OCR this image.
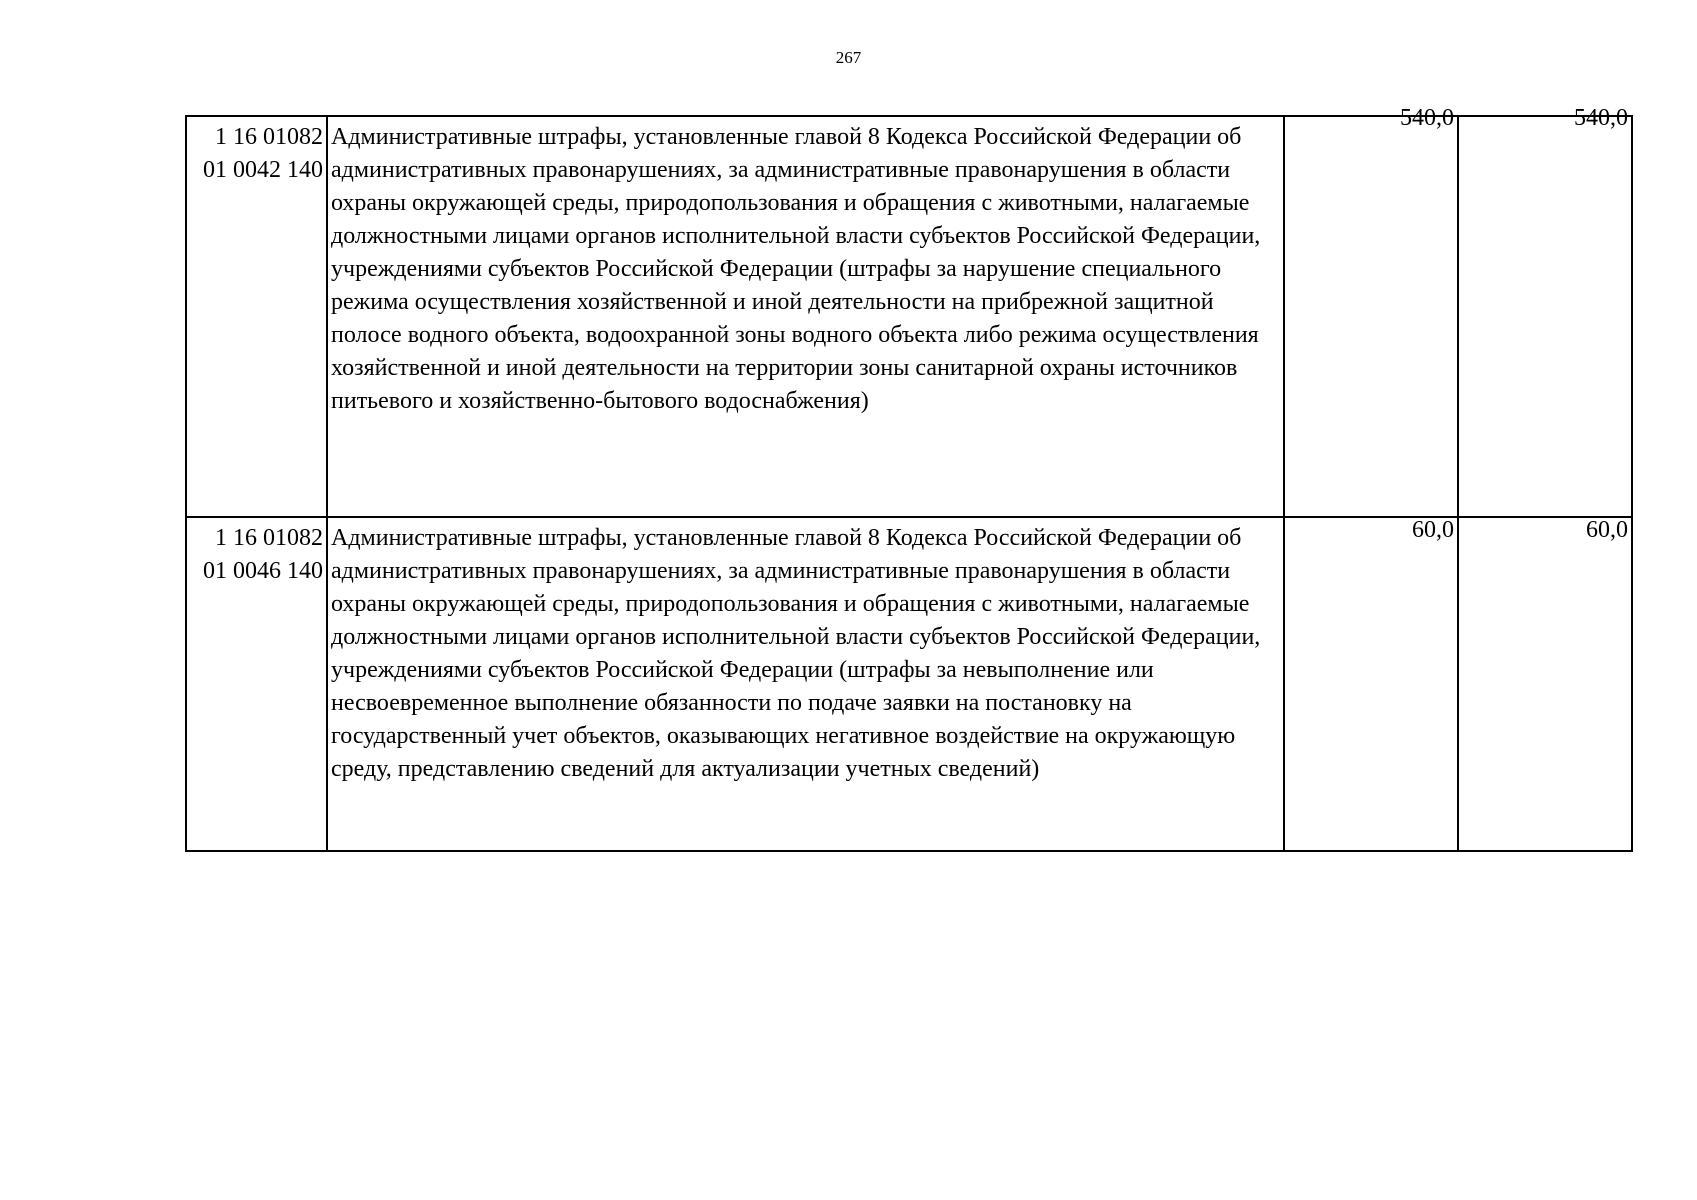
267
1 16 01082
01 0042 140	Административные штрафы, установленные главой 8 Кодекса Российской Федерации об административных правонарушениях, за административные правонарушения в области охраны окружающей среды, природопользования и обращения с животными, налагаемые должностными лицами органов исполнительной власти субъектов Российской Федерации, учреждениями субъектов Российской Федерации (штрафы за нарушение специального режима осуществления хозяйственной и иной деятельности на прибрежной защитной полосе водного объекта, водоохранной зоны водного объекта либо режима осуществления хозяйственной и иной деятельности на территории зоны санитарной охраны источников питьевого и хозяйственно-бытового водоснабжения)	540,0	540,0

1 16 01082
01 0046 140	Административные штрафы, установленные главой 8 Кодекса Российской Федерации об административных правонарушениях, за административные правонарушения в области охраны окружающей среды, природопользования и обращения с животными, налагаемые должностными лицами органов исполнительной власти субъектов Российской Федерации, учреждениями субъектов Российской Федерации (штрафы за невыполнение или несвоевременное выполнение обязанности по подаче заявки на постановку на государственный учет объектов, оказывающих негативное воздействие на окружающую среду, представлению сведений для актуализации учетных сведений)	60,0	60,0
